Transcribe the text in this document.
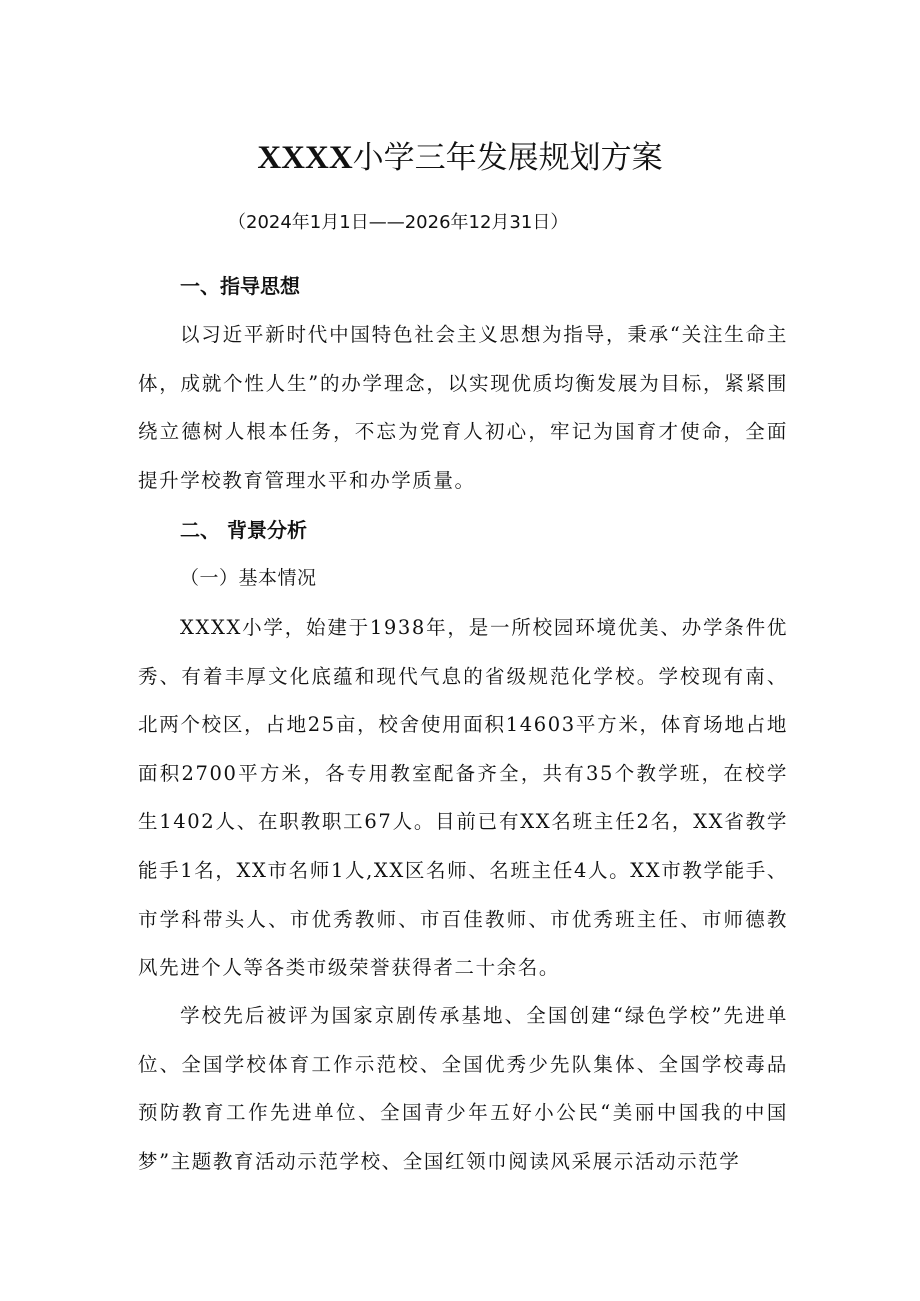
XXXX小学三年发展规划方案
（2024年1月1日——2026年12月31日）
一、指导思想

以习近平新时代中国特色社会主义思想为指导，秉承“关注生命主体，成就个性人生”的办学理念，以实现优质均衡发展为目标，紧紧围绕立德树人根本任务，不忘为党育人初心，牢记为国育才使命，全面提升学校教育管理水平和办学质量。

二、 背景分析
（一）基本情况

XXXX小学，始建于1938年，是一所校园环境优美、办学条件优秀、有着丰厚文化底蕴和现代气息的省级规范化学校。学校现有南、北两个校区，占地25亩，校舍使用面积14603平方米，体育场地占地面积2700平方米，各专用教室配备齐全，共有35个教学班，在校学生1402人、在职教职工67人。目前已有XX名班主任2名，XX省教学能手1名，XX市名师1人,XX区名师、名班主任4人。XX市教学能手、市学科带头人、市优秀教师、市百佳教师、市优秀班主任、市师德教风先进个人等各类市级荣誉获得者二十余名。

学校先后被评为国家京剧传承基地、全国创建“绿色学校”先进单位、全国学校体育工作示范校、全国优秀少先队集体、全国学校毒品预防教育工作先进单位、全国青少年五好小公民“美丽中国我的中国梦”主题教育活动示范学校、全国红领巾阅读风采展示活动示范学
